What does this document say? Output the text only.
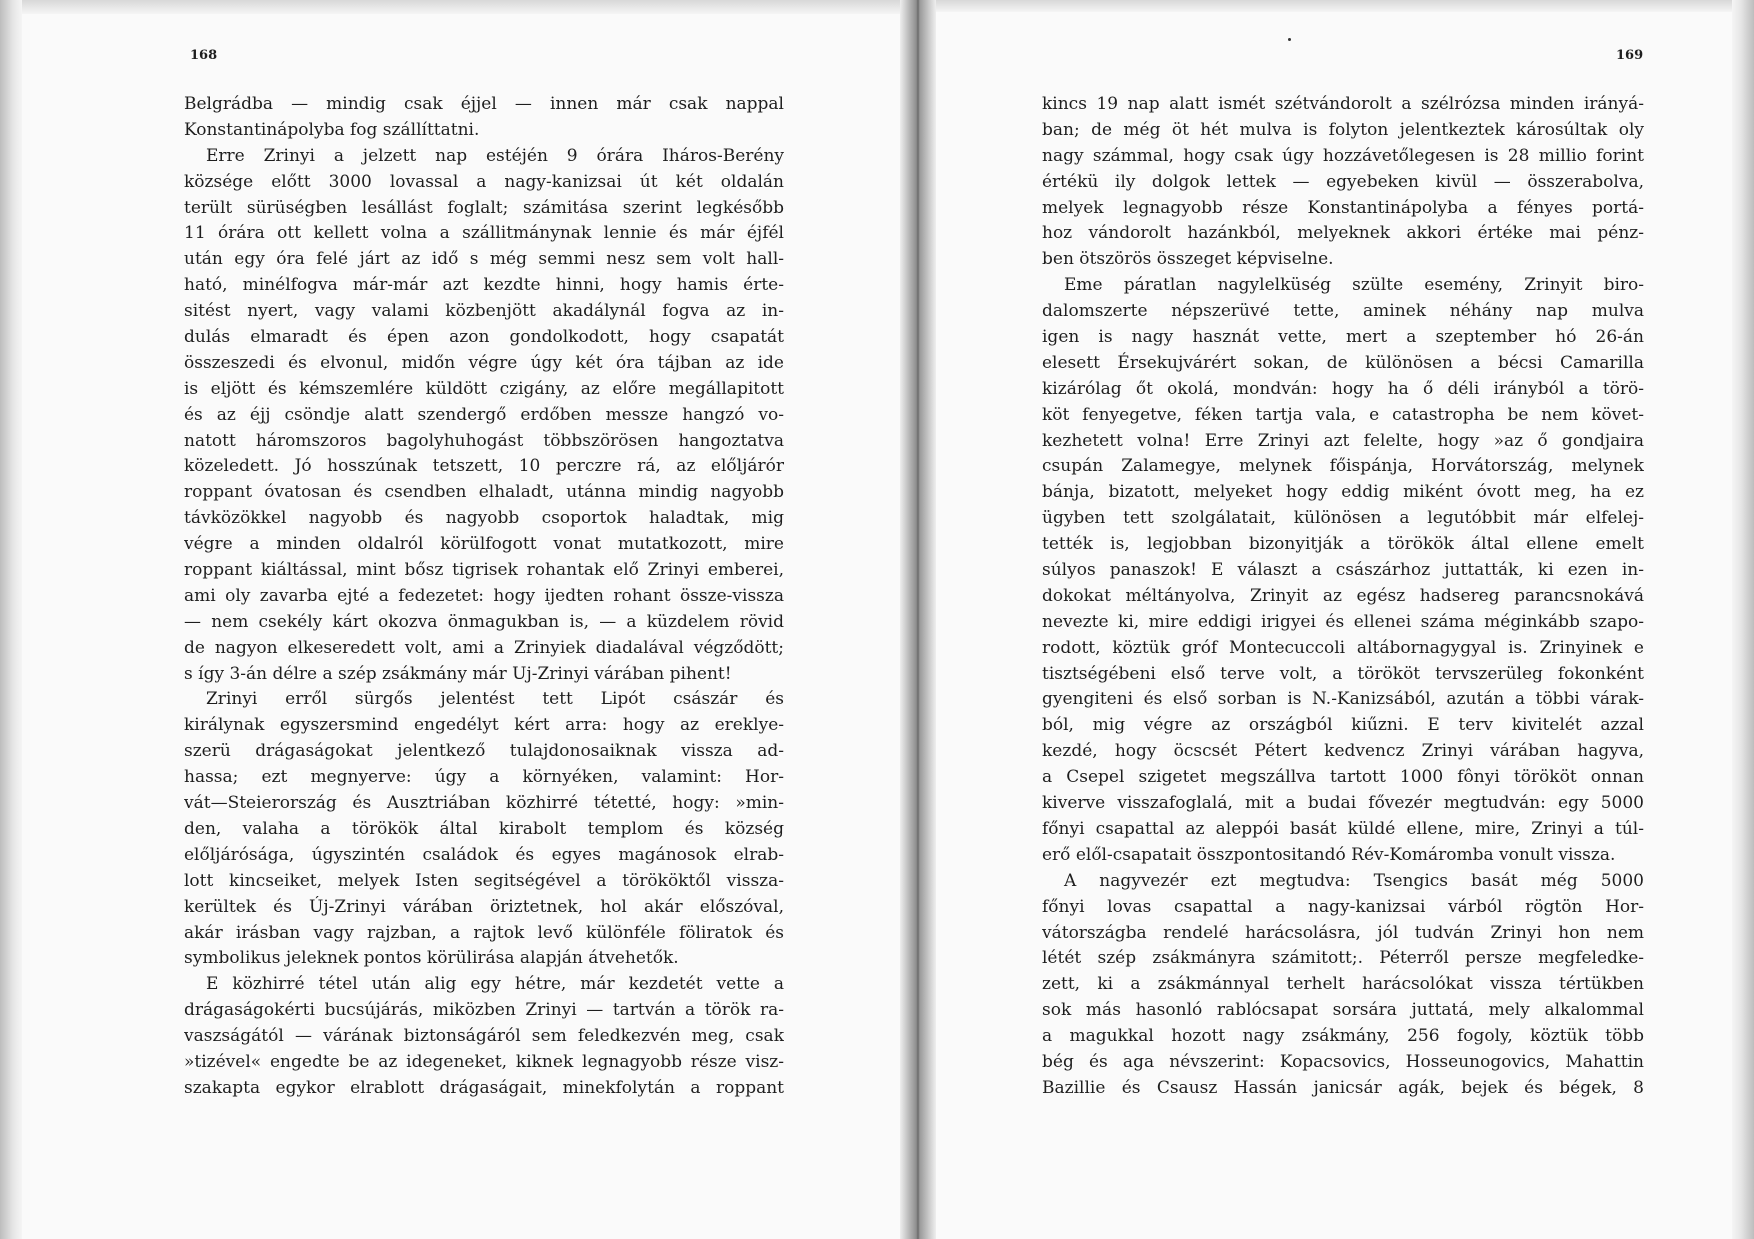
168
Belgrádba — mindig csak éjjel — innen már csak nappal
Konstantinápolyba fog szállíttatni.
Erre Zrinyi a jelzett nap estéjén 9 órára Iháros-Berény
községe előtt 3000 lovassal a nagy-kanizsai út két oldalán
terült sürüségben lesállást foglalt; számitása szerint legkésőbb
11 órára ott kellett volna a szállitmánynak lennie és már éjfél
után egy óra felé járt az idő s még semmi nesz sem volt hall-
ható, minélfogva már-már azt kezdte hinni, hogy hamis érte-
sitést nyert, vagy valami közbenjött akadálynál fogva az in-
dulás elmaradt és épen azon gondolkodott, hogy csapatát
összeszedi és elvonul, midőn végre úgy két óra tájban az ide
is eljött és kémszemlére küldött czigány, az előre megállapitott
és az éjj csöndje alatt szendergő erdőben messze hangzó vo-
natott háromszoros bagolyhuhogást többszörösen hangoztatva
közeledett. Jó hosszúnak tetszett, 10 perczre rá, az előljárór
roppant óvatosan és csendben elhaladt, utánna mindig nagyobb
távközökkel nagyobb és nagyobb csoportok haladtak, mig
végre a minden oldalról körülfogott vonat mutatkozott, mire
roppant kiáltással, mint bősz tigrisek rohantak elő Zrinyi emberei,
ami oly zavarba ejté a fedezetet: hogy ijedten rohant össze-vissza
— nem csekély kárt okozva önmagukban is, — a küzdelem rövid
de nagyon elkeseredett volt, ami a Zrinyiek diadalával végződött;
s így 3-án délre a szép zsákmány már Uj-Zrinyi várában pihent!
Zrinyi erről sürgős jelentést tett Lipót császár és
királynak egyszersmind engedélyt kért arra: hogy az ereklye-
szerü drágaságokat jelentkező tulajdonosaiknak vissza ad-
hassa; ezt megnyerve: úgy a környéken, valamint: Hor-
vát—Steierország és Ausztriában közhirré tétetté, hogy: »min-
den, valaha a törökök által kirabolt templom és község
előljárósága, úgyszintén családok és egyes magánosok elrab-
lott kincseiket, melyek Isten segitségével a törököktől vissza-
kerültek és Új-Zrinyi várában öriztetnek, hol akár előszóval,
akár irásban vagy rajzban, a rajtok levő különféle föliratok és
symbolikus jeleknek pontos körülirása alapján átvehetők.
E közhirré tétel után alig egy hétre, már kezdetét vette a
drágaságokérti bucsújárás, miközben Zrinyi — tartván a török ra-
vaszságától — várának biztonságáról sem feledkezvén meg, csak
»tizével« engedte be az idegeneket, kiknek legnagyobb része visz-
szakapta egykor elrablott drágaságait, minekfolytán a roppant
169
kincs 19 nap alatt ismét szétvándorolt a szélrózsa minden irányá-
ban; de még öt hét mulva is folyton jelentkeztek károsúltak oly
nagy számmal, hogy csak úgy hozzávetőlegesen is 28 millio forint
értékü ily dolgok lettek — egyebeken kivül — összerabolva,
melyek legnagyobb része Konstantinápolyba a fényes portá-
hoz vándorolt hazánkból, melyeknek akkori értéke mai pénz-
ben ötszörös összeget képviselne.
Eme páratlan nagylelküség szülte esemény, Zrinyit biro-
dalomszerte népszerüvé tette, aminek néhány nap mulva
igen is nagy hasznát vette, mert a szeptember hó 26-án
elesett Érsekujvárért sokan, de különösen a bécsi Camarilla
kizárólag őt okolá, mondván: hogy ha ő déli irányból a törö-
köt fenyegetve, féken tartja vala, e catastropha be nem követ-
kezhetett volna! Erre Zrinyi azt felelte, hogy »az ő gondjaira
csupán Zalamegye, melynek főispánja, Horvátország, melynek
bánja, bizatott, melyeket hogy eddig miként óvott meg, ha ez
ügyben tett szolgálatait, különösen a legutóbbit már elfelej-
tették is, legjobban bizonyitják a törökök által ellene emelt
súlyos panaszok! E választ a császárhoz juttatták, ki ezen in-
dokokat méltányolva, Zrinyit az egész hadsereg parancsnokává
nevezte ki, mire eddigi irigyei és ellenei száma méginkább szapo-
rodott, köztük gróf Montecuccoli altábornagygyal is. Zrinyinek e
tisztségébeni első terve volt, a törököt tervszerüleg fokonként
gyengiteni és első sorban is N.-Kanizsából, azután a többi várak-
ból, mig végre az országból kiűzni. E terv kivitelét azzal
kezdé, hogy öcscsét Pétert kedvencz Zrinyi várában hagyva,
a Csepel szigetet megszállva tartott 1000 fônyi törököt onnan
kiverve visszafoglalá, mit a budai fővezér megtudván: egy 5000
főnyi csapattal az aleppói basát küldé ellene, mire, Zrinyi a túl-
erő elől-csapatait összpontositandó Rév-Komáromba vonult vissza.
A nagyvezér ezt megtudva: Tsengics basát még 5000
főnyi lovas csapattal a nagy-kanizsai várból rögtön Hor-
vátországba rendelé harácsolásra, jól tudván Zrinyi hon nem
létét szép zsákmányra számitott;. Péterről persze megfeledke-
zett, ki a zsákmánnyal terhelt harácsolókat vissza tértükben
sok más hasonló rablócsapat sorsára juttatá, mely alkalommal
a magukkal hozott nagy zsákmány, 256 fogoly, köztük több
bég és aga névszerint: Kopacsovics, Hosseunogovics, Mahattin
Bazillie és Csausz Hassán janicsár agák, bejek és bégek, 8
